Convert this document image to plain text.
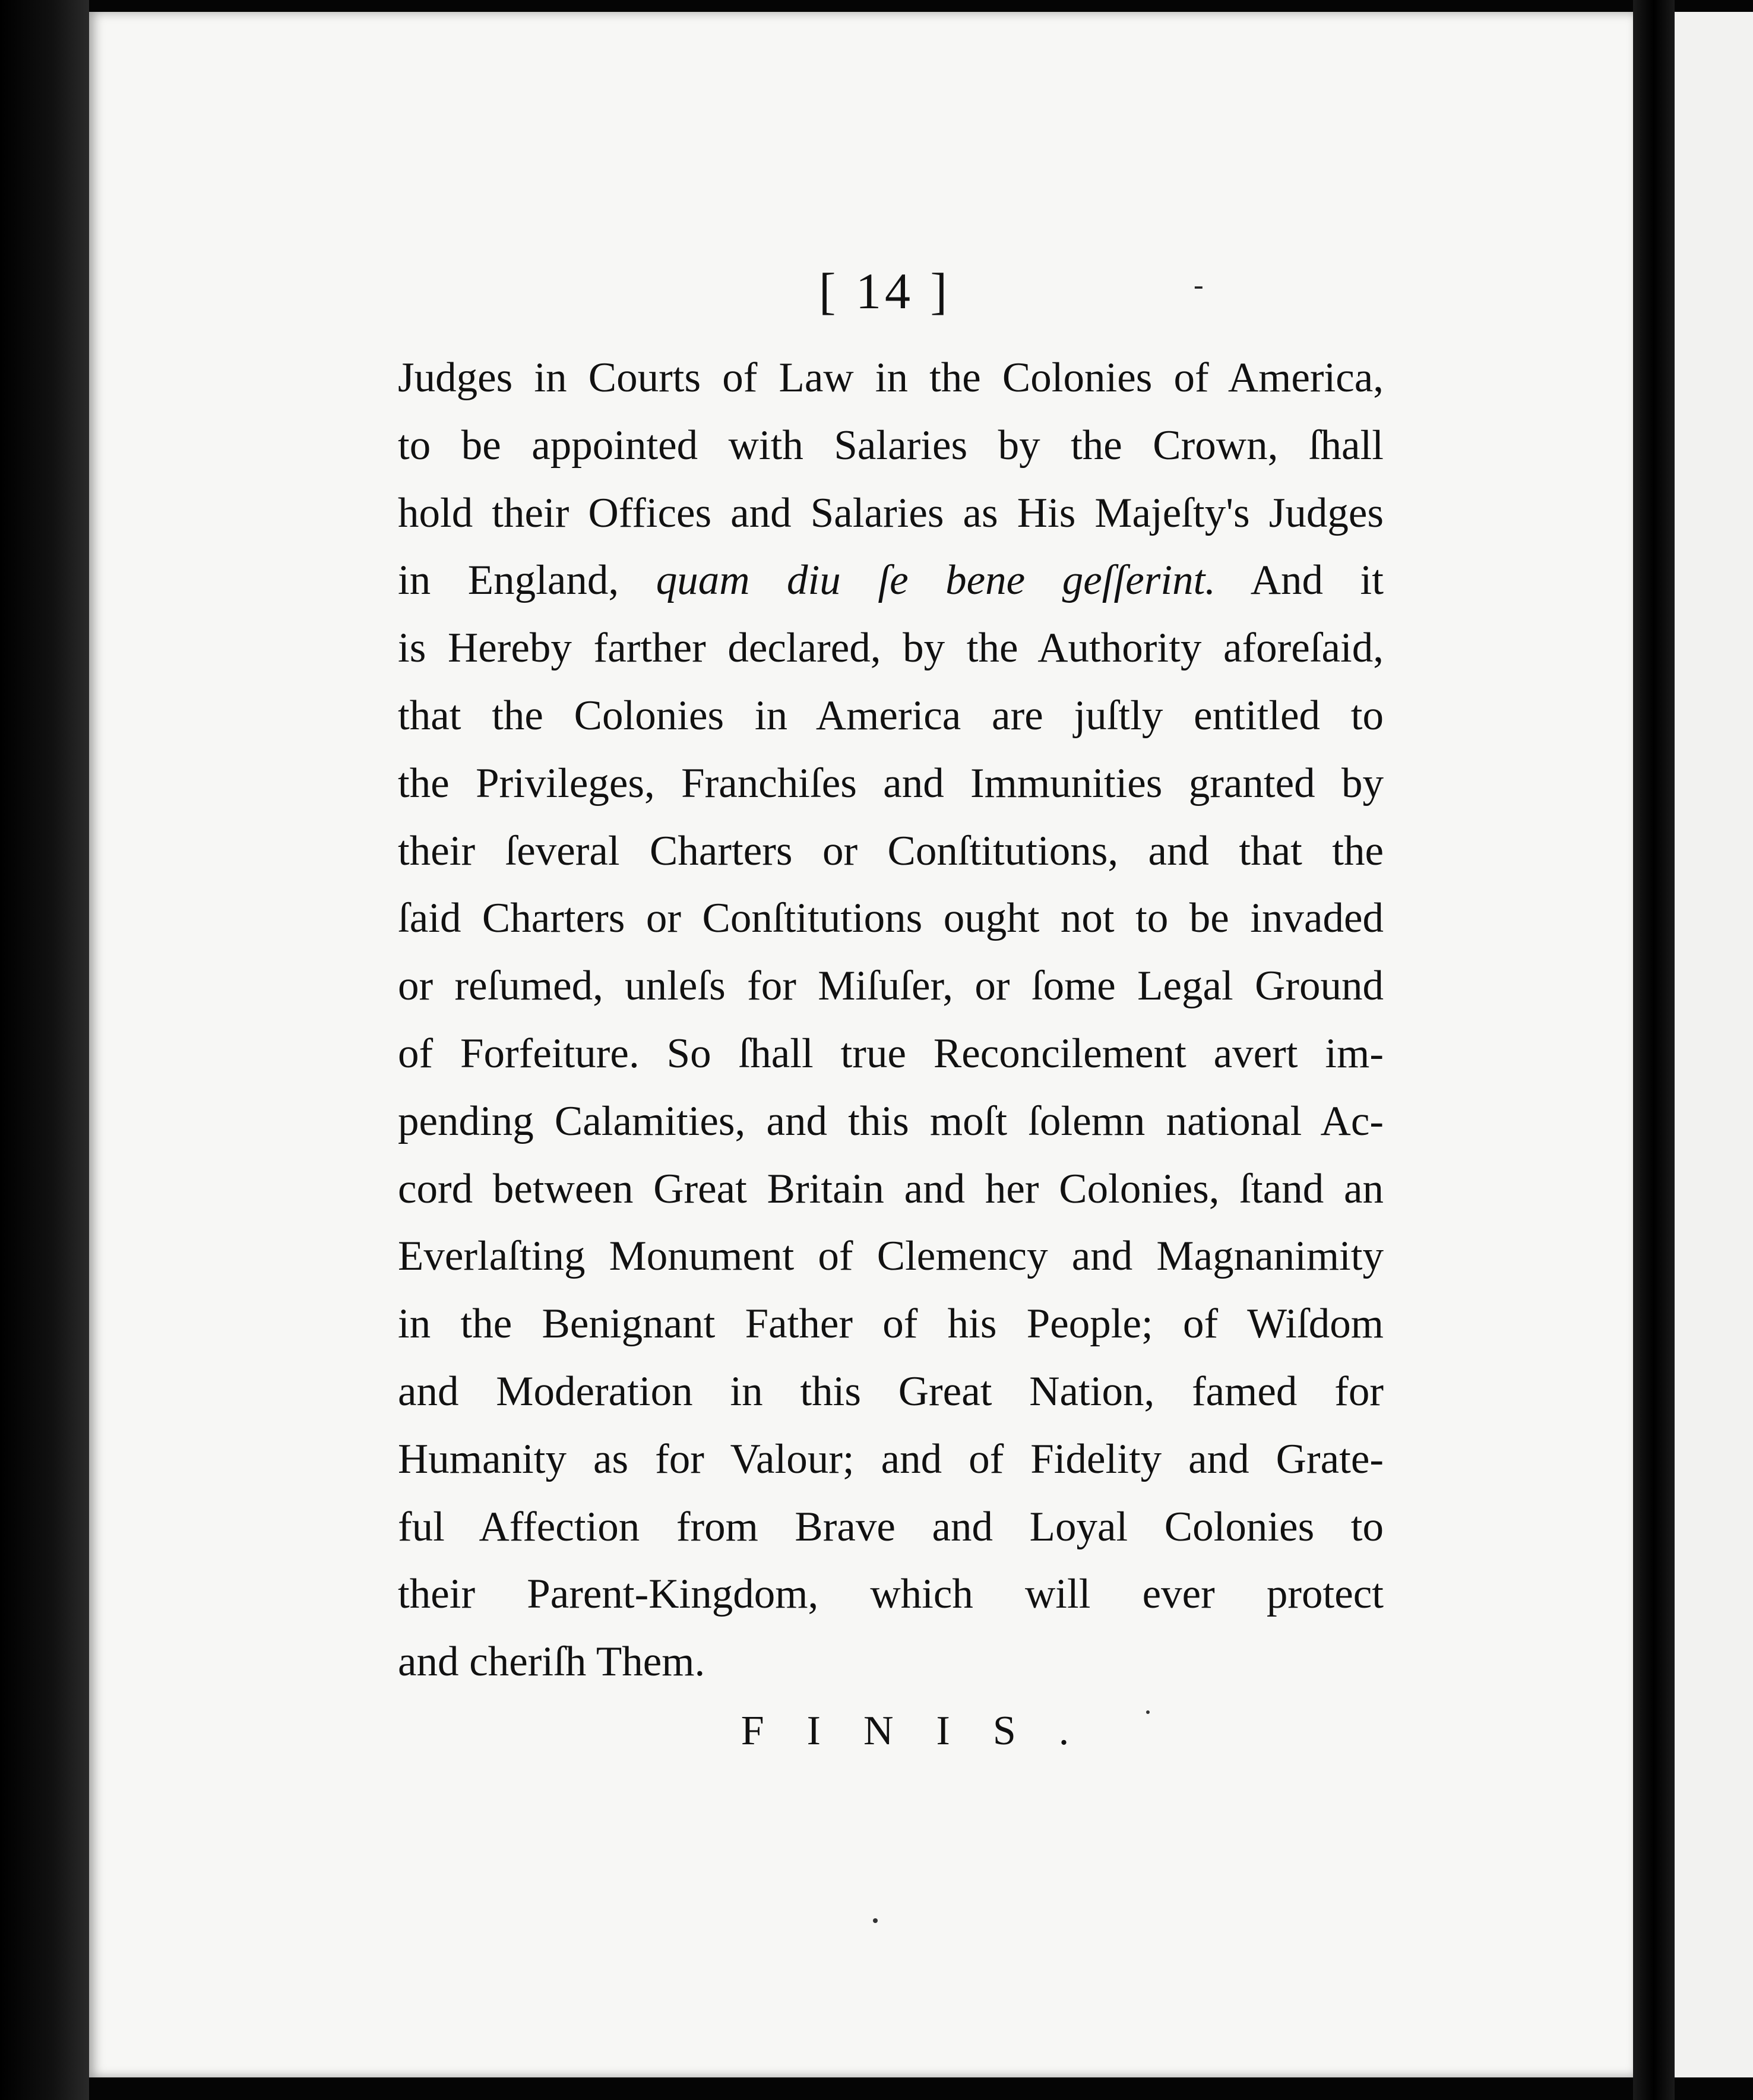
[ 14 ]	-
Judges in Courts of Law in the Colonies of America,
to be appointed with Salaries by the Crown, ſhall
hold their Offices and Salaries as His Majeſty's Judges
in England, quam diu ſe bene geſſerint. And it
is Hereby farther declared, by the Authority aforeſaid,
that the Colonies in America are juſtly entitled to
the Privileges, Franchiſes and Immunities granted by
their ſeveral Charters or Conſtitutions, and that the
ſaid Charters or Conſtitutions ought not to be invaded
or reſumed, unleſs for Miſuſer, or ſome Legal Ground
of Forfeiture. So ſhall true Reconcilement avert im-
pending Calamities, and this moſt ſolemn national Ac-
cord between Great Britain and her Colonies, ſtand an
Everlaſting Monument of Clemency and Magnanimity
in the Benignant Father of his People; of Wiſdom
and Moderation in this Great Nation, famed for
Humanity as for Valour; and of Fidelity and Grate-
ful Affection from Brave and Loyal Colonies to
their Parent-Kingdom, which will ever protect
and cheriſh Them.
FINIS.
